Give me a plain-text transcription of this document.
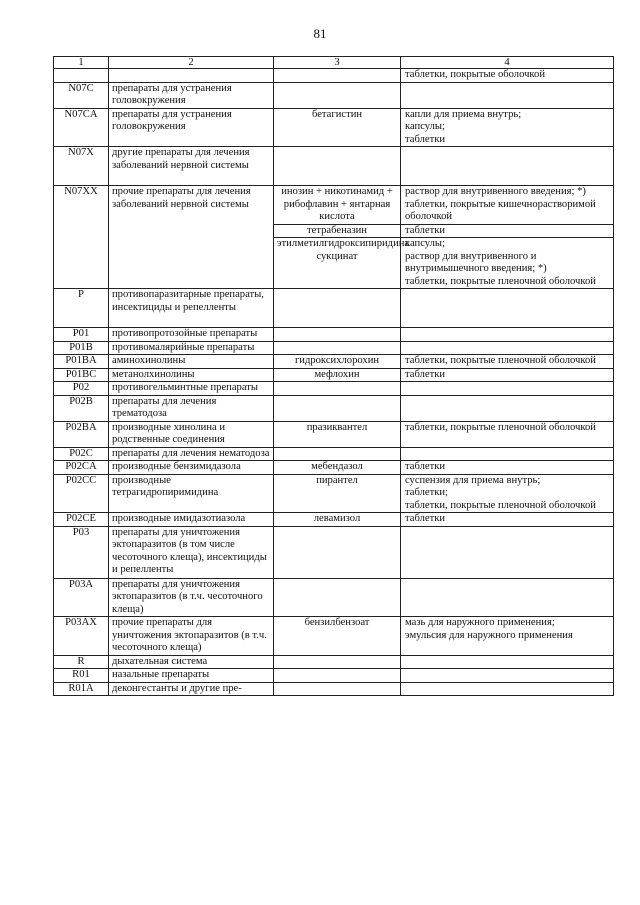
81
1	2	3	4
			таблетки, покрытые оболочкой
N07C	препараты для устранения головокружения		
N07CA	препараты для устранения головокружения	бетагистин	капли для приема внутрь;
капсулы;
таблетки
N07X	другие препараты для лечения заболеваний нервной системы		
N07XX	прочие препараты для лечения заболеваний нервной системы	инозин + никотинамид + рибофлавин + янтарная кислота	раствор для внутривенного введения; *)
таблетки, покрытые кишечнорастворимой оболочкой
		тетрабеназин	таблетки
		этилметилгидроксипиридина сукцинат	капсулы;
раствор для внутривенного и внутримышечного введения; *)
таблетки, покрытые пленочной оболочкой
P	противопаразитарные препараты, инсектициды и репелленты		
P01	противопротозойные препараты		
P01B	противомалярийные препараты		
P01BA	аминохинолины	гидроксихлорохин	таблетки, покрытые пленочной оболочкой
P01BC	метанолхинолины	мефлохин	таблетки
P02	противогельминтные препараты		
P02B	препараты для лечения трематодоза		
P02BA	производные хинолина и родственные соединения	празиквантел	таблетки, покрытые пленочной оболочкой
P02C	препараты для лечения нематодоза		
P02CA	производные бензимидазола	мебендазол	таблетки
P02CC	производные тетрагидропиримидина	пирантел	суспензия для приема внутрь;
таблетки;
таблетки, покрытые пленочной оболочкой
P02CE	производные имидазотиазола	левамизол	таблетки
P03	препараты для уничтожения эктопаразитов (в том числе чесоточного клеща), инсектициды и репелленты		
P03A	препараты для уничтожения эктопаразитов (в т.ч. чесоточного клеща)		
P03AX	прочие препараты для уничтожения эктопаразитов (в т.ч. чесоточного клеща)	бензилбензоат	мазь для наружного применения;
эмульсия для наружного применения
R	дыхательная система		
R01	назальные препараты		
R01A	деконгестанты и другие пре-		
